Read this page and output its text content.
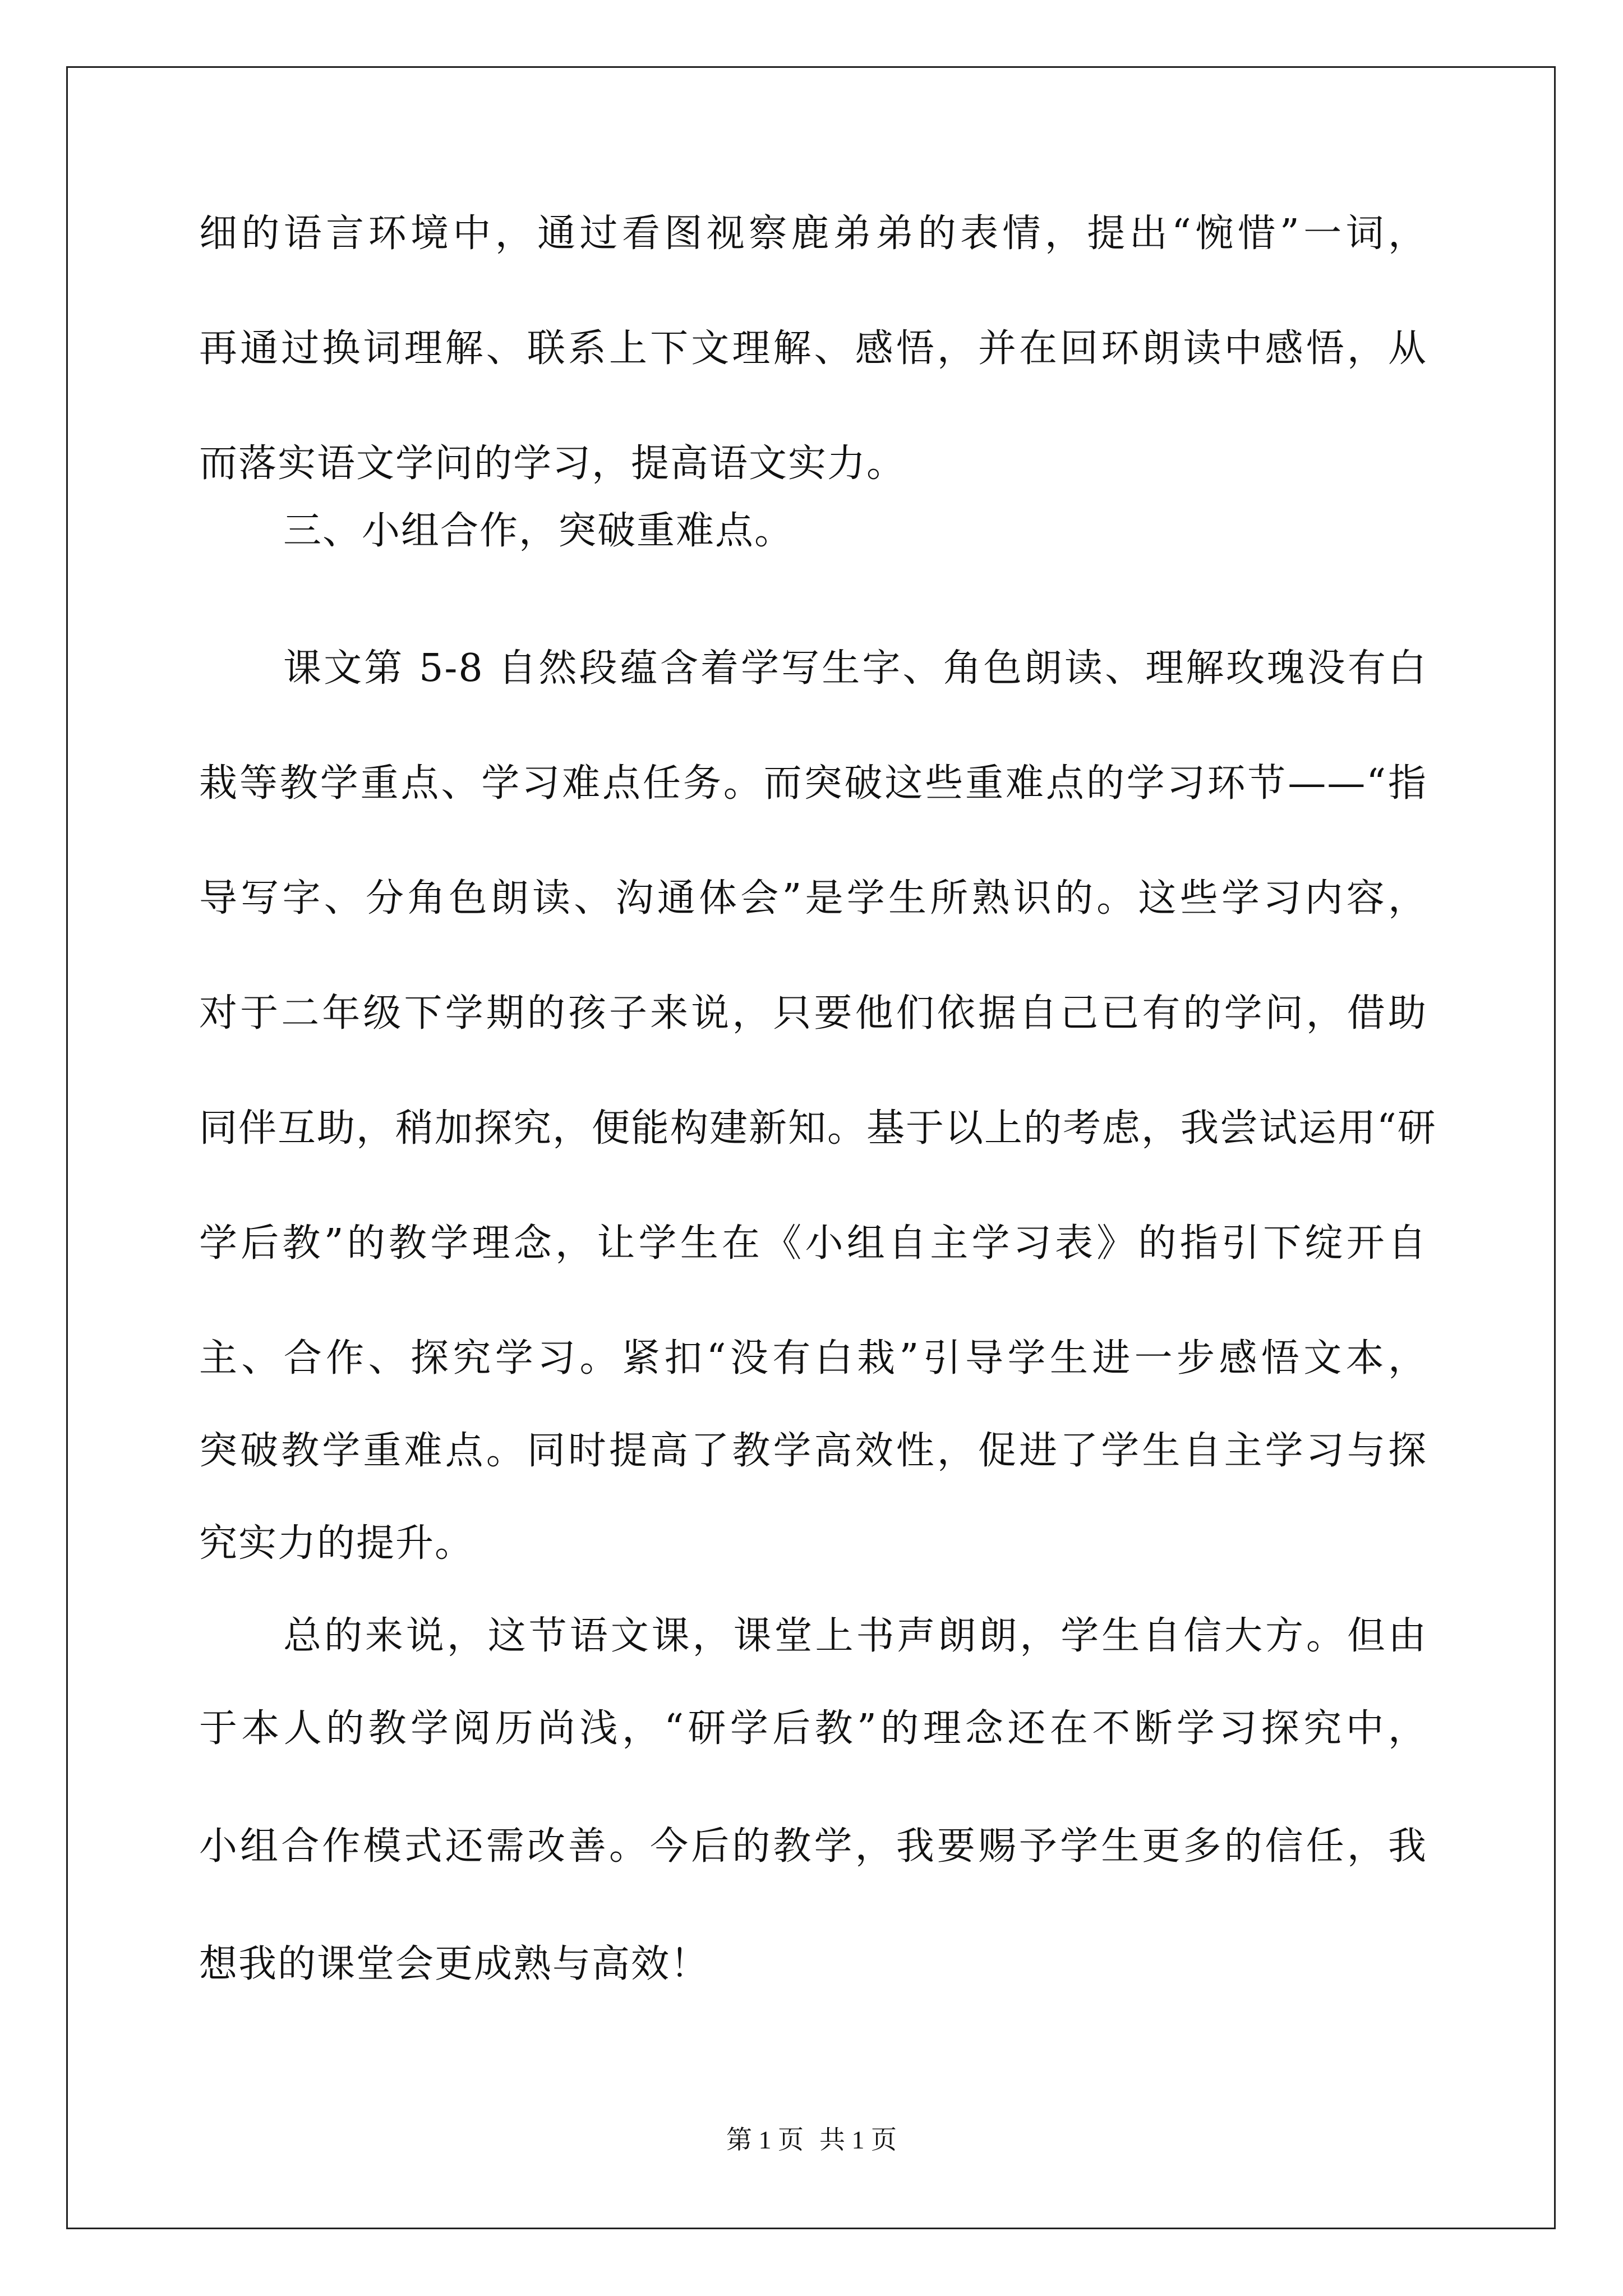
细的语言环境中，通过看图视察鹿弟弟的表情，提出“惋惜”一词，
再通过换词理解、联系上下文理解、感悟，并在回环朗读中感悟，从
而落实语文学问的学习，提高语文实力。
三、小组合作，突破重难点。
课文第 5-8 自然段蕴含着学写生字、角色朗读、理解玫瑰没有白
栽等教学重点、学习难点任务。而突破这些重难点的学习环节——“指
导写字、分角色朗读、沟通体会”是学生所熟识的。这些学习内容，
对于二年级下学期的孩子来说，只要他们依据自己已有的学问，借助
同伴互助，稍加探究，便能构建新知。基于以上的考虑，我尝试运用“研
学后教”的教学理念，让学生在《小组自主学习表》的指引下绽开自
主、合作、探究学习。紧扣“没有白栽”引导学生进一步感悟文本，
突破教学重难点。同时提高了教学高效性，促进了学生自主学习与探
究实力的提升。
总的来说，这节语文课，课堂上书声朗朗，学生自信大方。但由
于本人的教学阅历尚浅，“研学后教”的理念还在不断学习探究中，
小组合作模式还需改善。今后的教学，我要赐予学生更多的信任，我
想我的课堂会更成熟与高效！
第 1 页 共 1 页
